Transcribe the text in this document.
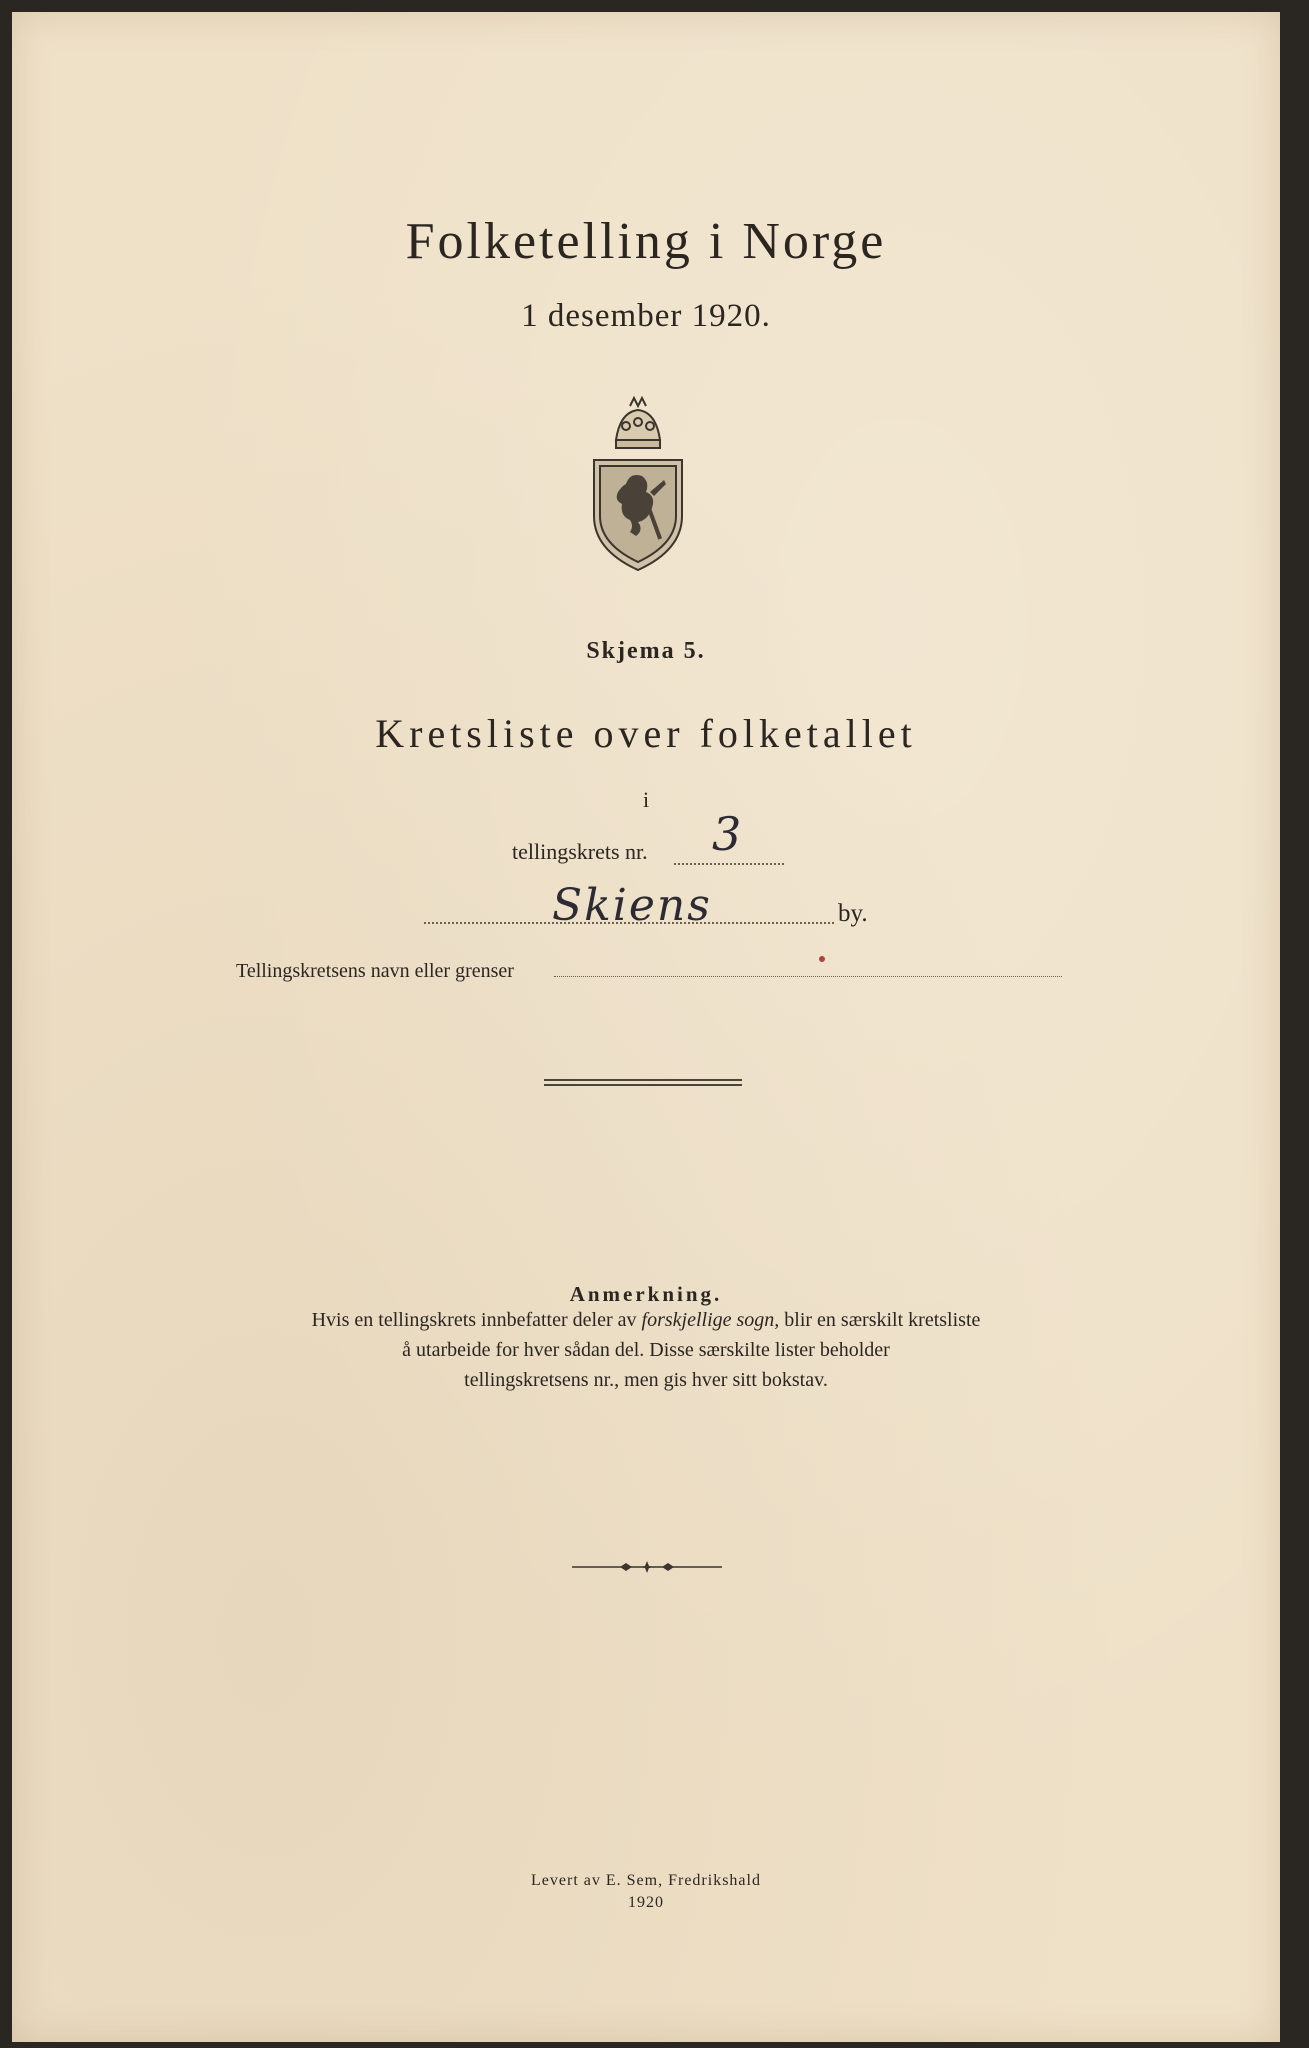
Folketelling i Norge
1 desember 1920.
Skjema 5.
Kretsliste over folketallet
i
tellingskrets nr. 3
Skiens	by.
Tellingskretsens navn eller grenser
Anmerkning.
Hvis en tellingskrets innbefatter deler av forskjellige sogn, blir en særskilt kretsliste
å utarbeide for hver sådan del. Disse særskilte lister beholder
tellingskretsens nr., men gis hver sitt bokstav.
Levert av E. Sem, Fredrikshald
1920
